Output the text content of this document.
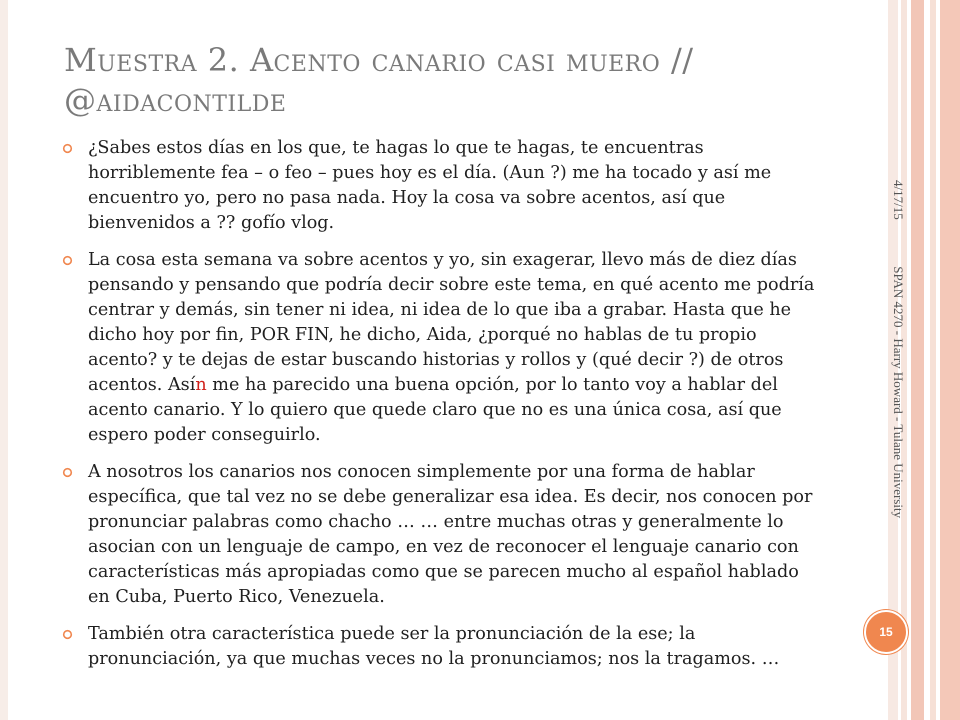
Muestra 2. Acento canario casi muero // @aidacontilde
¿Sabes estos días en los que, te hagas lo que te hagas, te encuentras horriblemente fea – o feo – pues hoy es el día. (Aun ?) me ha tocado y así me encuentro yo, pero no pasa nada. Hoy la cosa va sobre acentos, así que bienvenidos a ?? gofío vlog.
La cosa esta semana va sobre acentos y yo, sin exagerar, llevo más de diez días pensando y pensando que podría decir sobre este tema, en qué acento me podría centrar y demás, sin tener ni idea, ni idea de lo que iba a grabar. Hasta que he dicho hoy por fin, POR FIN, he dicho, Aida, ¿porqué no hablas de tu propio acento? y te dejas de estar buscando historias y rollos y (qué decir ?) de otros acentos. Asín me ha parecido una buena opción, por lo tanto voy a hablar del acento canario. Y lo quiero que quede claro que no es una única cosa, así que espero poder conseguirlo.
A nosotros los canarios nos conocen simplemente por una forma de hablar específica, que tal vez no se debe generalizar esa idea. Es decir, nos conocen por pronunciar palabras como chacho … … entre muchas otras y generalmente lo asocian con un lenguaje de campo, en vez de reconocer el lenguaje canario con características más apropiadas como que se parecen mucho al español hablado en Cuba, Puerto Rico, Venezuela.
También otra característica puede ser la pronunciación de la ese; la pronunciación, ya que muchas veces no la pronunciamos; nos la tragamos. …
4/17/15  SPAN 4270 - Harry Howard - Tulane University
15
